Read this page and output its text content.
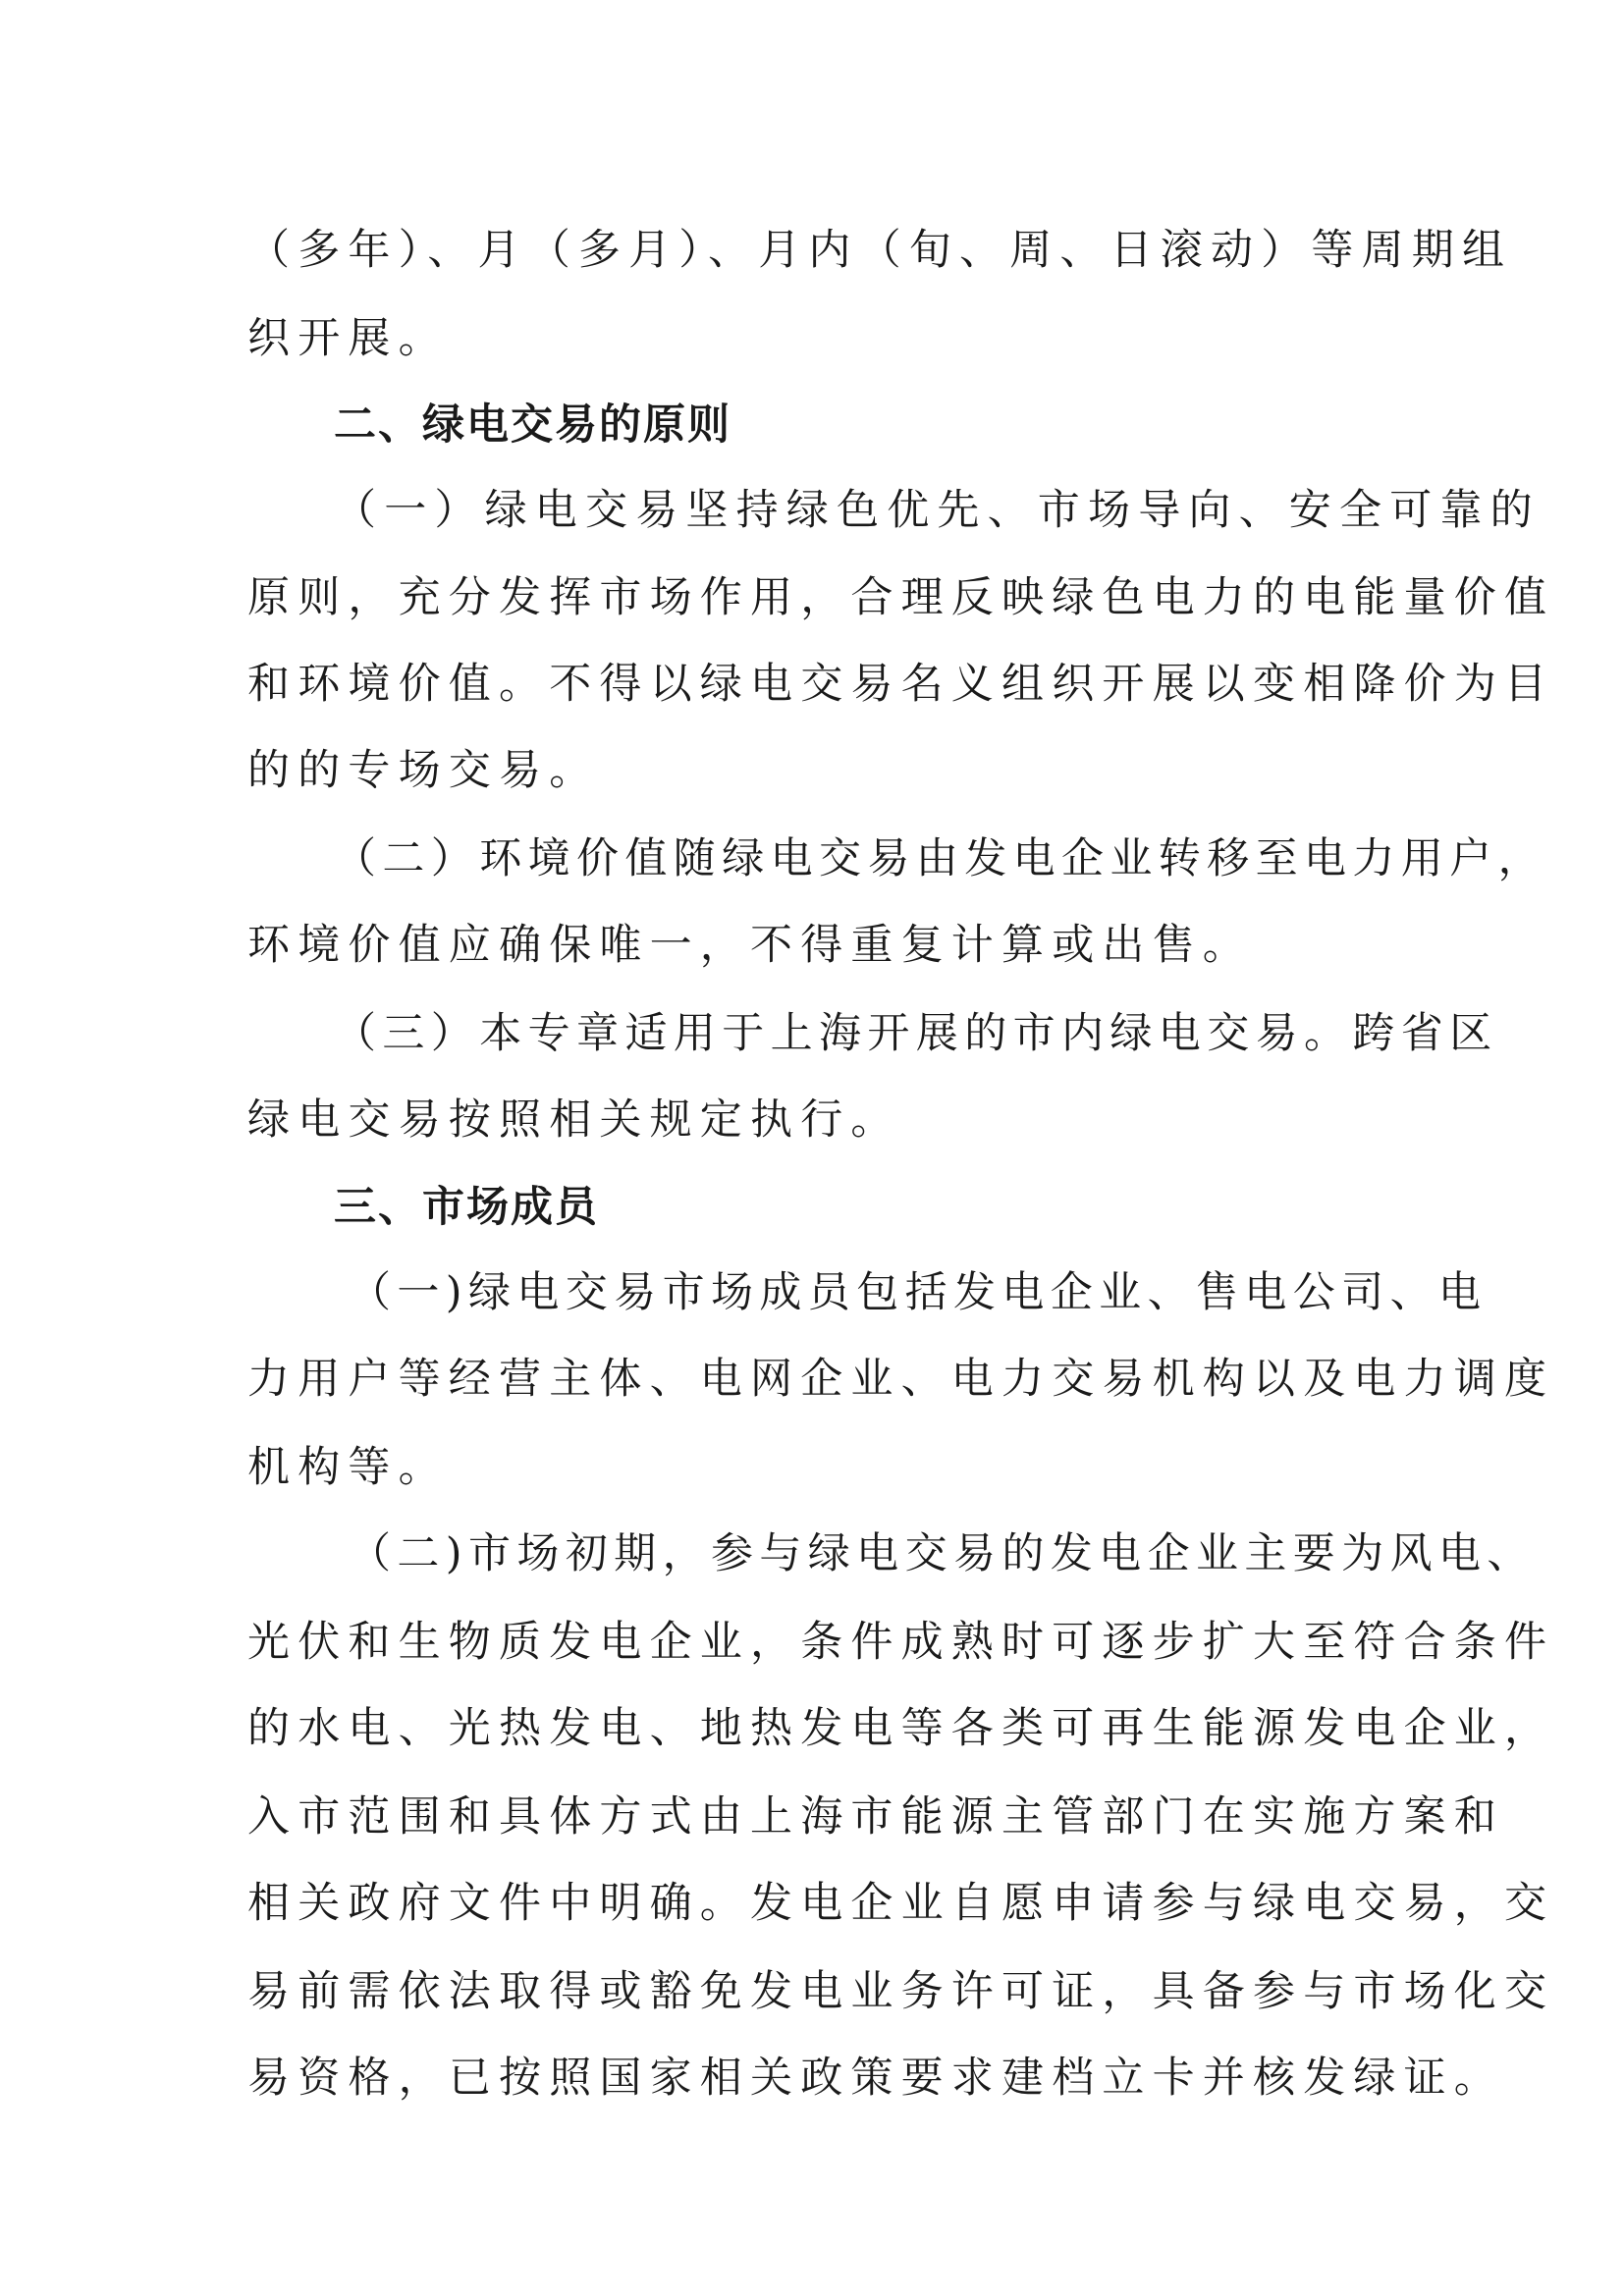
（多年）、月（多月）、月内（旬、周、日滚动）等周期组
织开展。
二、绿电交易的原则
（一）绿电交易坚持绿色优先、市场导向、安全可靠的
原则，充分发挥市场作用，合理反映绿色电力的电能量价值
和环境价值。不得以绿电交易名义组织开展以变相降价为目
的的专场交易。
（二）环境价值随绿电交易由发电企业转移至电力用户，
环境价值应确保唯一，不得重复计算或出售。
（三）本专章适用于上海开展的市内绿电交易。跨省区
绿电交易按照相关规定执行。
三、市场成员
（一)绿电交易市场成员包括发电企业、售电公司、电
力用户等经营主体、电网企业、电力交易机构以及电力调度
机构等。
（二)市场初期，参与绿电交易的发电企业主要为风电、
光伏和生物质发电企业，条件成熟时可逐步扩大至符合条件
的水电、光热发电、地热发电等各类可再生能源发电企业，
入市范围和具体方式由上海市能源主管部门在实施方案和
相关政府文件中明确。发电企业自愿申请参与绿电交易，交
易前需依法取得或豁免发电业务许可证，具备参与市场化交
易资格，已按照国家相关政策要求建档立卡并核发绿证。
